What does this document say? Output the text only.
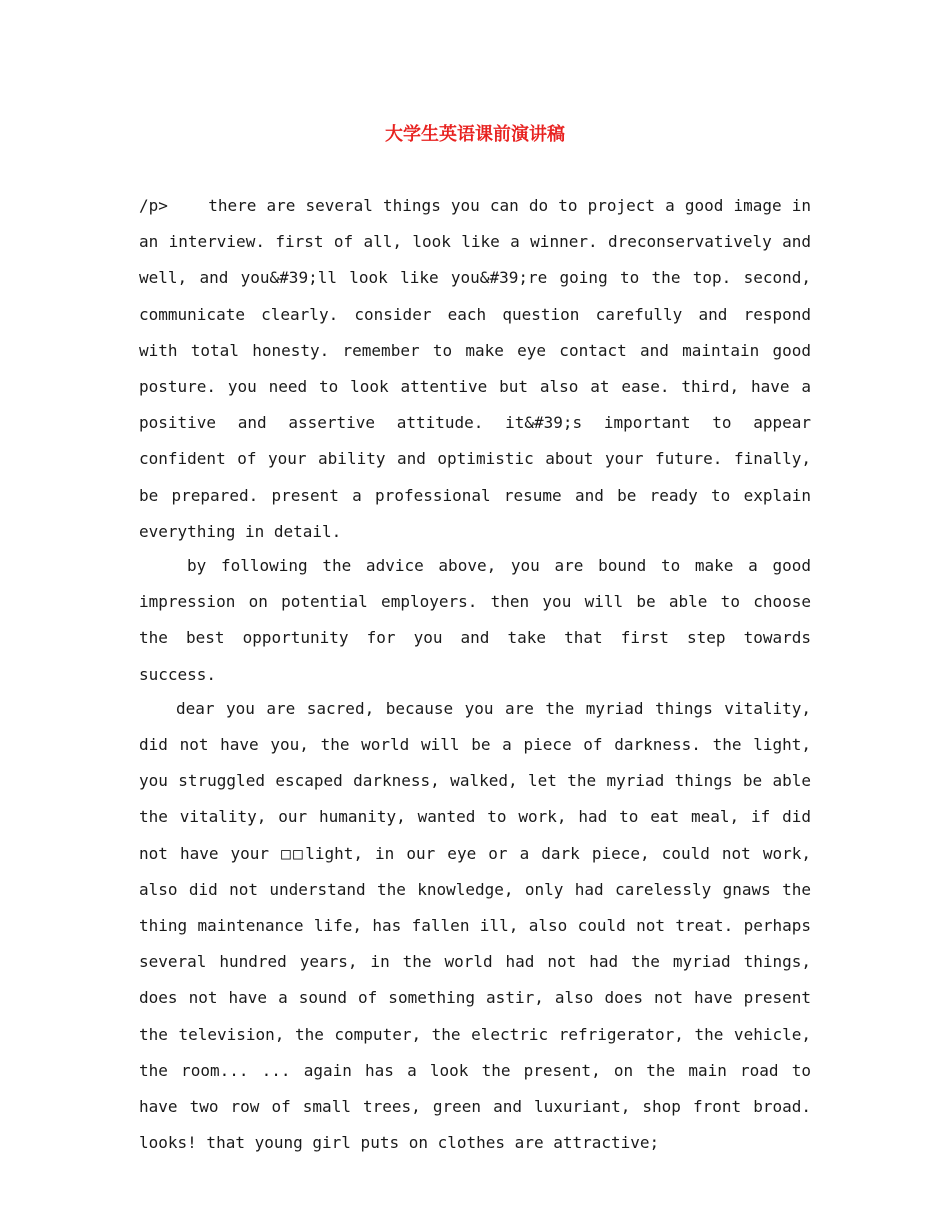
大学生英语课前演讲稿

/p>    there are several things you can do to project a good image in an interview. first of all, look like a winner. dreconservatively and well, and you&#39;ll look like you&#39;re going to the top. second, communicate clearly. consider each question carefully and respond with total honesty. remember to make eye contact and maintain good posture. you need to look attentive but also at ease. third, have a positive and assertive attitude. it&#39;s important to appear confident of your ability and optimistic about your future. finally, be prepared. present a professional resume and be ready to explain everything in detail.

by following the advice above, you are bound to make a good impression on potential employers. then you will be able to choose the best opportunity for you and take that first step towards success.

dear you are sacred, because you are the myriad things vitality, did not have you, the world will be a piece of darkness. the light, you struggled escaped darkness, walked, let the myriad things be able the vitality, our humanity, wanted to work, had to eat meal, if did not have your □□light, in our eye or a dark piece, could not work, also did not understand the knowledge, only had carelessly gnaws the thing maintenance life, has fallen ill, also could not treat. perhaps several hundred years, in the world had not had the myriad things, does not have a sound of something astir, also does not have present the television, the computer, the electric refrigerator, the vehicle, the room... ... again has a look the present, on the main road to have two row of small trees, green and luxuriant, shop front broad. looks! that young girl puts on clothes are attractive;
